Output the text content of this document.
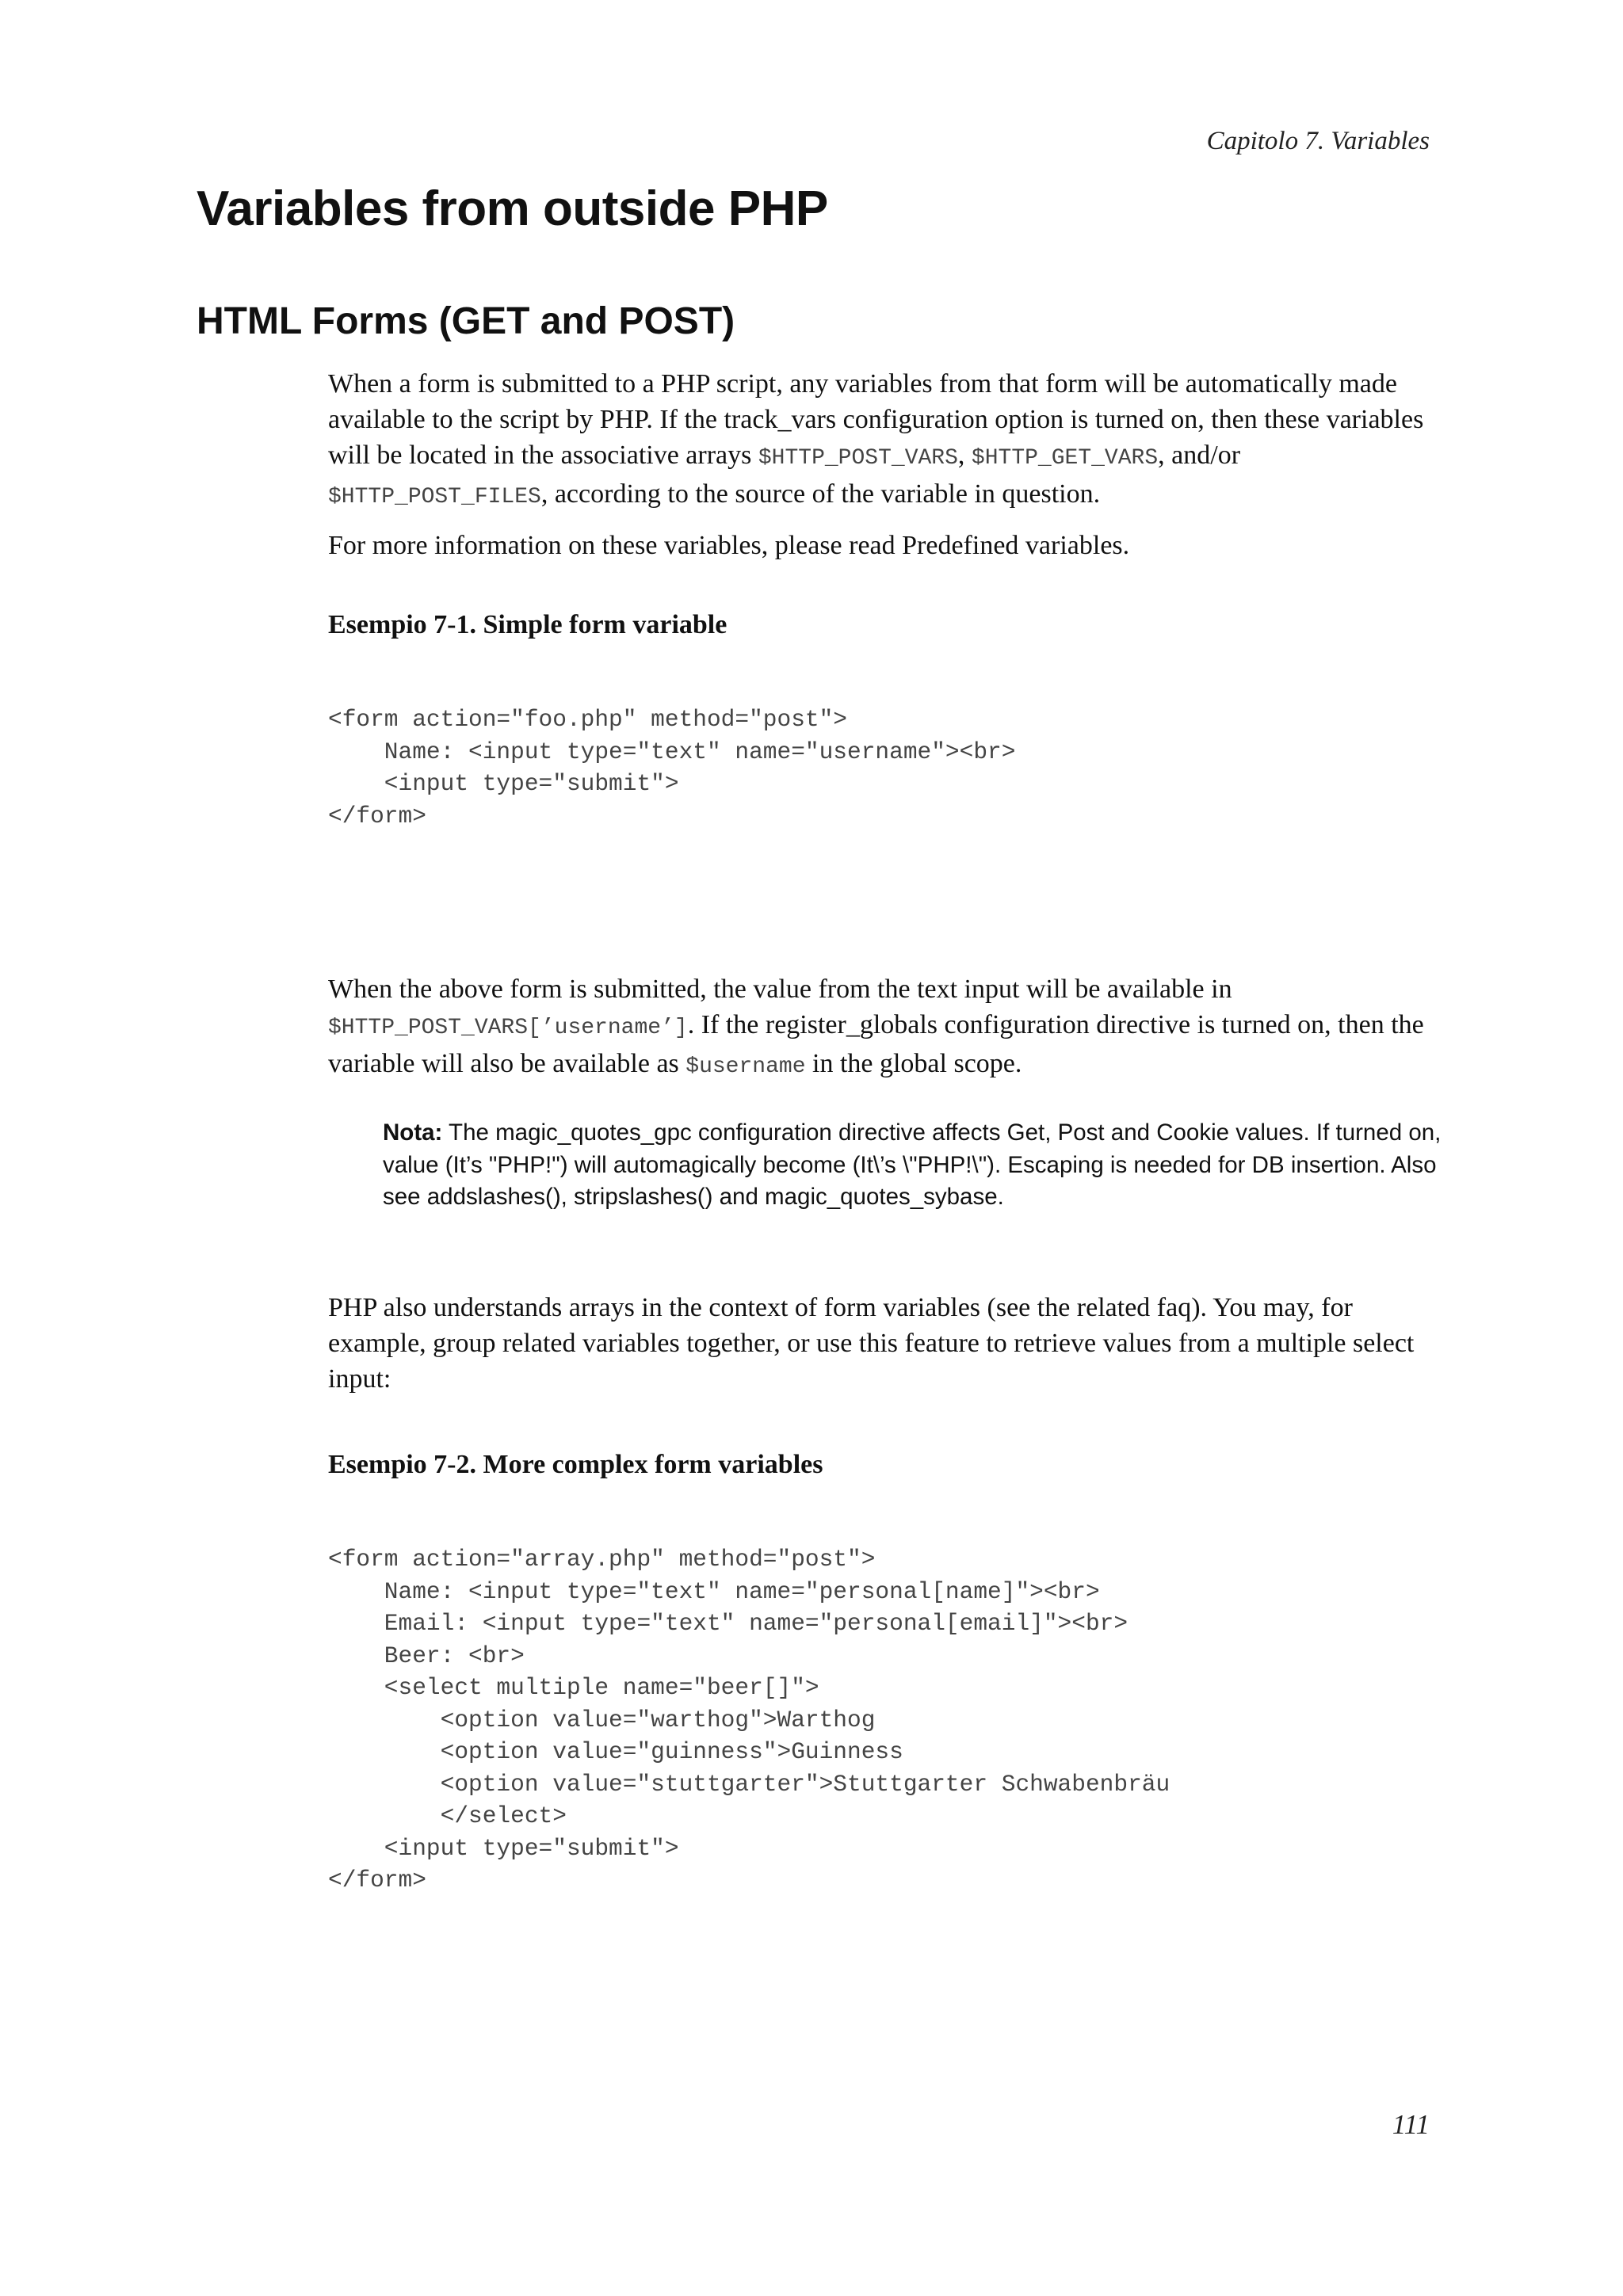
Capitolo 7. Variables
Variables from outside PHP
HTML Forms (GET and POST)

When a form is submitted to a PHP script, any variables from that form will be automatically made available to the script by PHP. If the track_vars configuration option is turned on, then these variables will be located in the associative arrays $HTTP_POST_VARS, $HTTP_GET_VARS, and/or $HTTP_POST_FILES, according to the source of the variable in question.

For more information on these variables, please read Predefined variables.

Esempio 7-1. Simple form variable
<form action="foo.php" method="post">
Name: <input type="text" name="username"><br>
<input type="submit">
</form>

When the above form is submitted, the value from the text input will be available in $HTTP_POST_VARS[’username’]. If the register_globals configuration directive is turned on, then the variable will also be available as $username in the global scope.

Nota: The magic_quotes_gpc configuration directive affects Get, Post and Cookie values. If turned on, value (It’s "PHP!") will automagically become (It\’s \"PHP!\"). Escaping is needed for DB insertion. Also see addslashes(), stripslashes() and magic_quotes_sybase.

PHP also understands arrays in the context of form variables (see the related faq). You may, for example, group related variables together, or use this feature to retrieve values from a multiple select input:

Esempio 7-2. More complex form variables
<form action="array.php" method="post">
Name: <input type="text" name="personal[name]"><br>
Email: <input type="text" name="personal[email]"><br>
Beer: <br>
<select multiple name="beer[]">
<option value="warthog">Warthog
<option value="guinness">Guinness
<option value="stuttgarter">Stuttgarter Schwabenbräu
</select>
<input type="submit">
</form>
111
